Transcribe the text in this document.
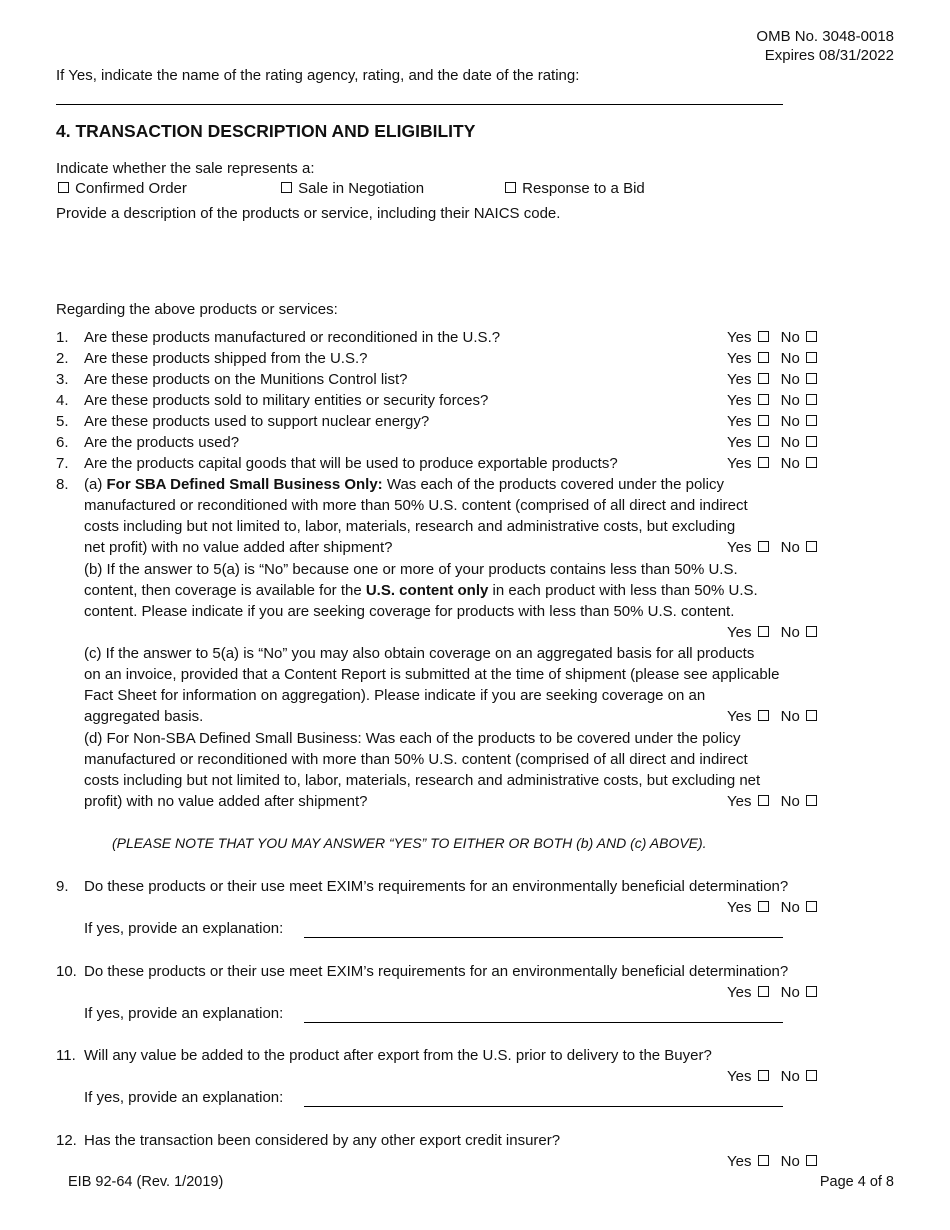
OMB No. 3048-0018
Expires 08/31/2022
If Yes, indicate the name of the rating agency, rating, and the date of the rating:
4. TRANSACTION DESCRIPTION AND ELIGIBILITY
Indicate whether the sale represents a:
Confirmed Order	Sale in Negotiation	Response to a Bid
Provide a description of the products or service, including their NAICS code.
Regarding the above products or services:
1. Are these products manufactured or reconditioned in the U.S.?	Yes No
2. Are these products shipped from the U.S.?	Yes No
3. Are these products on the Munitions Control list?	Yes No
4. Are these products sold to military entities or security forces?	Yes No
5. Are these products used to support nuclear energy?	Yes No
6. Are the products used?	Yes No
7. Are the products capital goods that will be used to produce exportable products?	Yes No
8. (a) For SBA Defined Small Business Only: Was each of the products covered under the policy
manufactured or reconditioned with more than 50% U.S. content (comprised of all direct and indirect
costs including but not limited to, labor, materials, research and administrative costs, but excluding
net profit) with no value added after shipment?	Yes No
(b) If the answer to 5(a) is “No” because one or more of your products contains less than 50% U.S.
content, then coverage is available for the U.S. content only in each product with less than 50% U.S.
content. Please indicate if you are seeking coverage for products with less than 50% U.S. content.
Yes No
(c) If the answer to 5(a) is “No” you may also obtain coverage on an aggregated basis for all products
on an invoice, provided that a Content Report is submitted at the time of shipment (please see applicable
Fact Sheet for information on aggregation). Please indicate if you are seeking coverage on an
aggregated basis.	Yes No
(d) For Non-SBA Defined Small Business: Was each of the products to be covered under the policy
manufactured or reconditioned with more than 50% U.S. content (comprised of all direct and indirect
costs including but not limited to, labor, materials, research and administrative costs, but excluding net
profit) with no value added after shipment?	Yes No
(PLEASE NOTE THAT YOU MAY ANSWER “YES” TO EITHER OR BOTH (b) AND (c) ABOVE).
9. Do these products or their use meet EXIM’s requirements for an environmentally beneficial determination?
Yes No
If yes, provide an explanation:
10. Do these products or their use meet EXIM’s requirements for an environmentally beneficial determination?
Yes No
If yes, provide an explanation:
11. Will any value be added to the product after export from the U.S. prior to delivery to the Buyer?
Yes No
If yes, provide an explanation:
12. Has the transaction been considered by any other export credit insurer?
Yes No
EIB 92-64 (Rev. 1/2019)	Page 4 of 8
